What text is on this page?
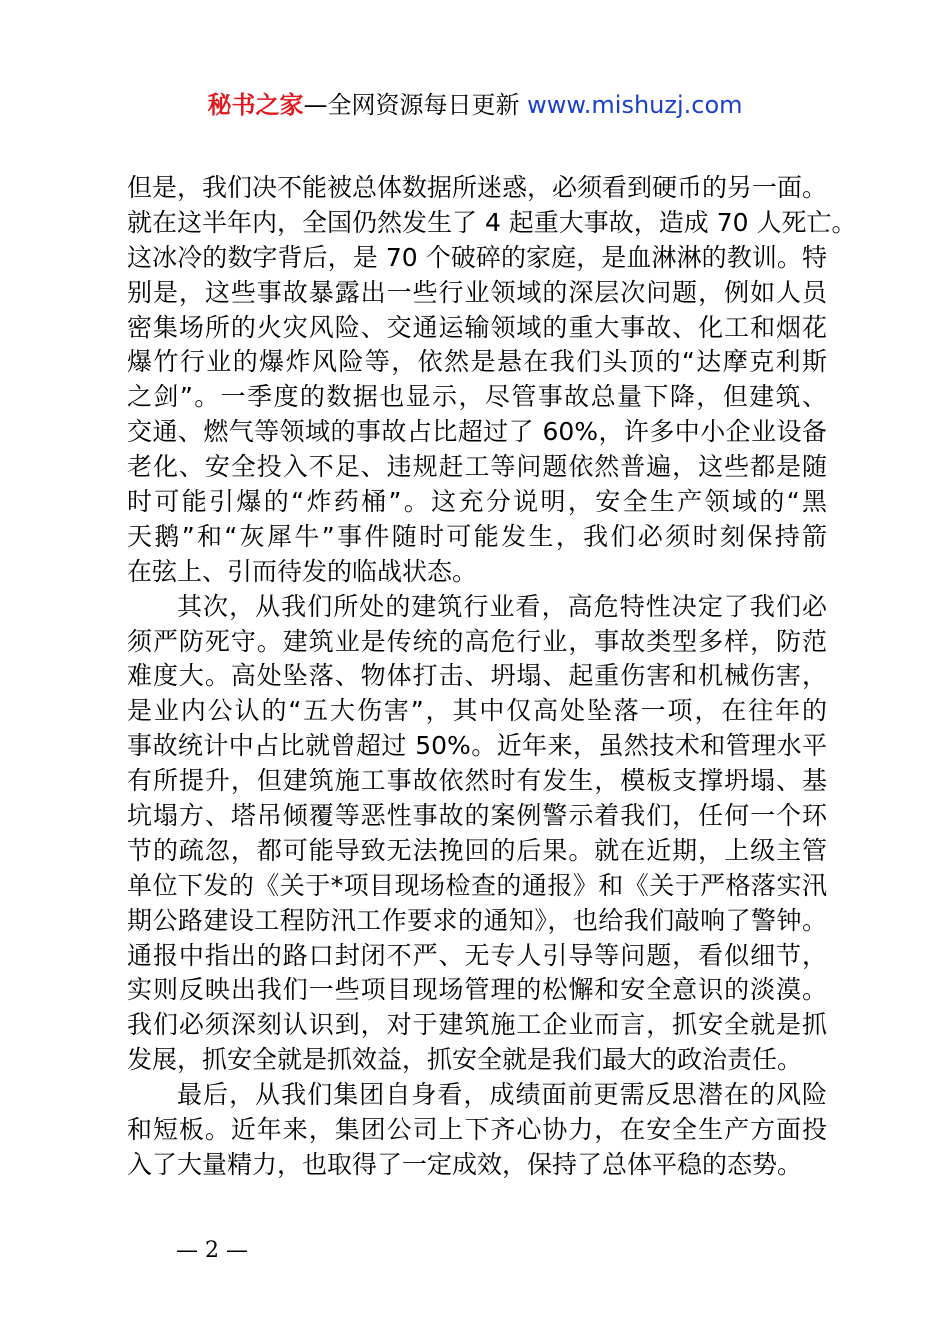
秘书之家—全网资源每日更新 www.mishuzj.com
但是，我们决不能被总体数据所迷惑，必须看到硬币的另一面。
就在这半年内，全国仍然发生了 4 起重大事故，造成 70 人死亡。
这冰冷的数字背后，是 70 个破碎的家庭，是血淋淋的教训。特
别是，这些事故暴露出一些行业领域的深层次问题，例如人员
密集场所的火灾风险、交通运输领域的重大事故、化工和烟花
爆竹行业的爆炸风险等，依然是悬在我们头顶的“达摩克利斯
之剑”。一季度的数据也显示，尽管事故总量下降，但建筑、
交通、燃气等领域的事故占比超过了 60%，许多中小企业设备
老化、安全投入不足、违规赶工等问题依然普遍，这些都是随
时可能引爆的“炸药桶”。这充分说明，安全生产领域的“黑
天鹅”和“灰犀牛”事件随时可能发生，我们必须时刻保持箭
在弦上、引而待发的临战状态。
其次，从我们所处的建筑行业看，高危特性决定了我们必
须严防死守。建筑业是传统的高危行业，事故类型多样，防范
难度大。高处坠落、物体打击、坍塌、起重伤害和机械伤害，
是业内公认的“五大伤害”，其中仅高处坠落一项，在往年的
事故统计中占比就曾超过 50%。近年来，虽然技术和管理水平
有所提升，但建筑施工事故依然时有发生，模板支撑坍塌、基
坑塌方、塔吊倾覆等恶性事故的案例警示着我们，任何一个环
节的疏忽，都可能导致无法挽回的后果。就在近期，上级主管
单位下发的《关于*项目现场检查的通报》和《关于严格落实汛
期公路建设工程防汛工作要求的通知》，也给我们敲响了警钟。
通报中指出的路口封闭不严、无专人引导等问题，看似细节，
实则反映出我们一些项目现场管理的松懈和安全意识的淡漠。
我们必须深刻认识到，对于建筑施工企业而言，抓安全就是抓
发展，抓安全就是抓效益，抓安全就是我们最大的政治责任。
最后，从我们集团自身看，成绩面前更需反思潜在的风险
和短板。近年来，集团公司上下齐心协力，在安全生产方面投
入了大量精力，也取得了一定成效，保持了总体平稳的态势。
— 2 —
